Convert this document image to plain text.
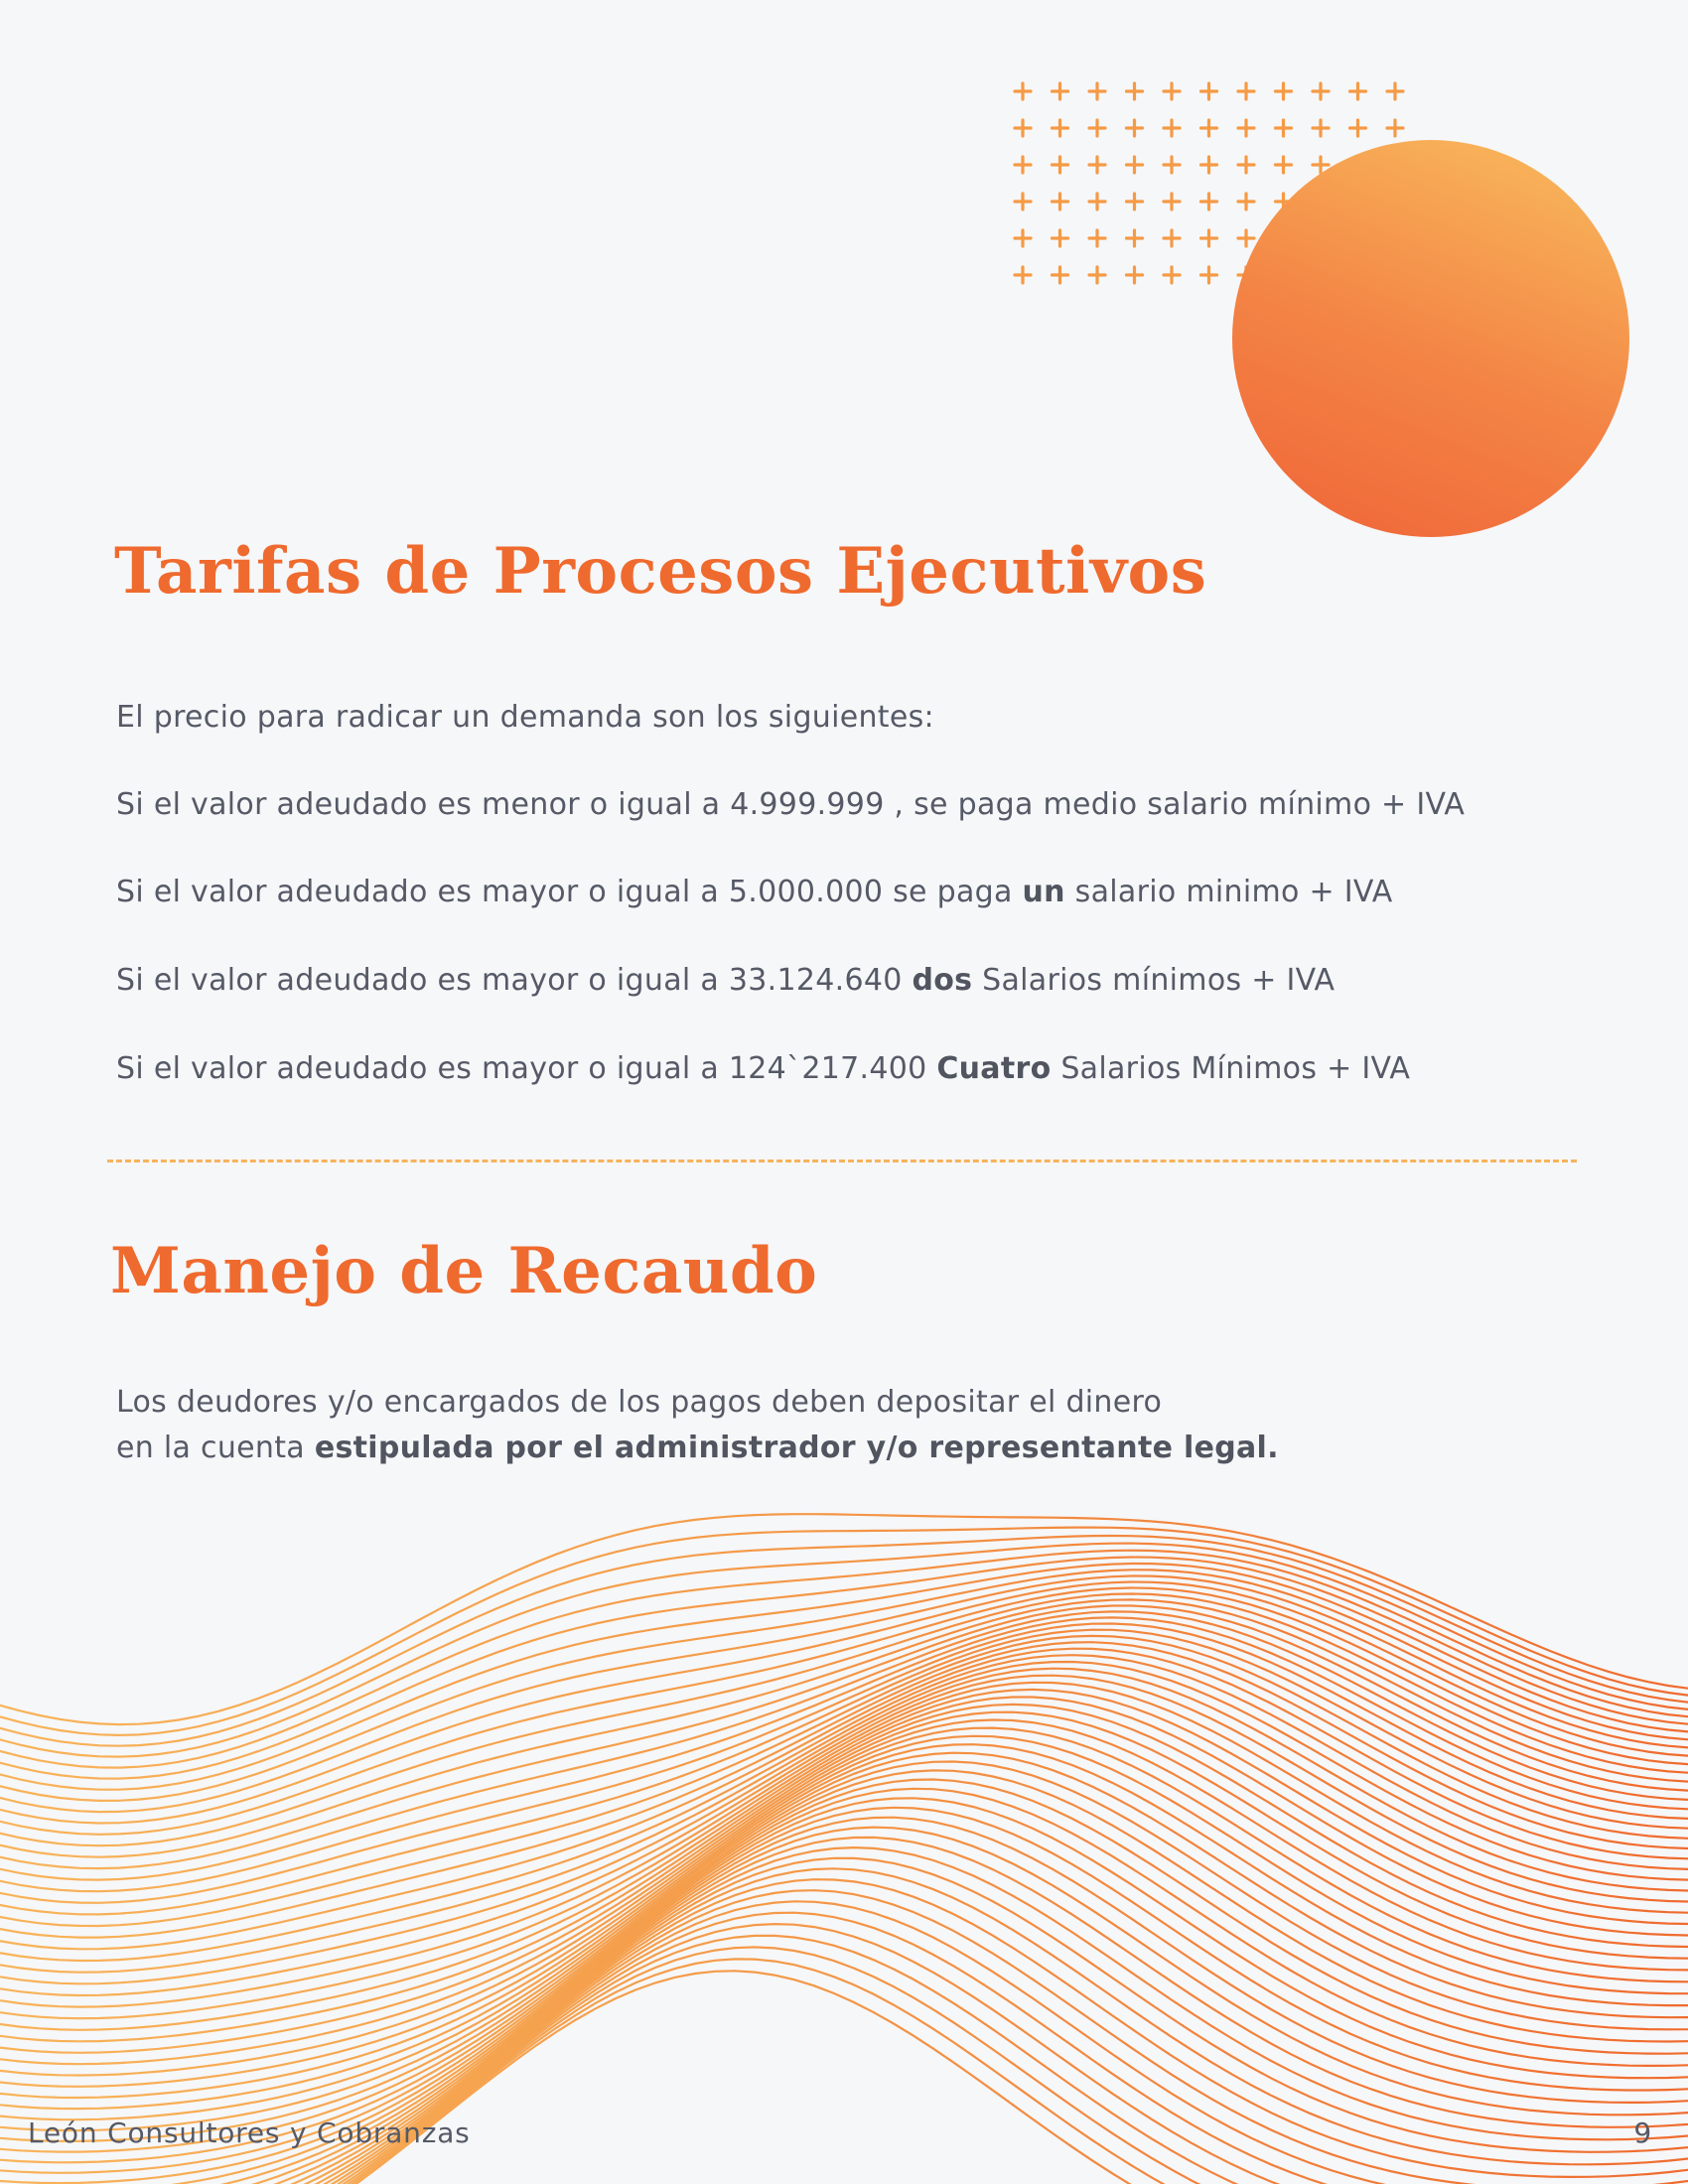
Tarifas de Procesos Ejecutivos

El precio para radicar un demanda son los siguientes:

Si el valor adeudado es menor o igual a 4.999.999 , se paga medio salario mínimo + IVA

Si el valor adeudado es mayor o igual a 5.000.000 se paga un salario minimo + IVA

Si el valor adeudado es mayor o igual a 33.124.640 dos Salarios mínimos + IVA

Si el valor adeudado es mayor o igual a 124`217.400 Cuatro Salarios Mínimos + IVA

Manejo de Recaudo

Los deudores y/o encargados de los pagos deben depositar el dinero

en la cuenta estipulada por el administrador y/o representante legal.

León Consultores y Cobranzas	9
